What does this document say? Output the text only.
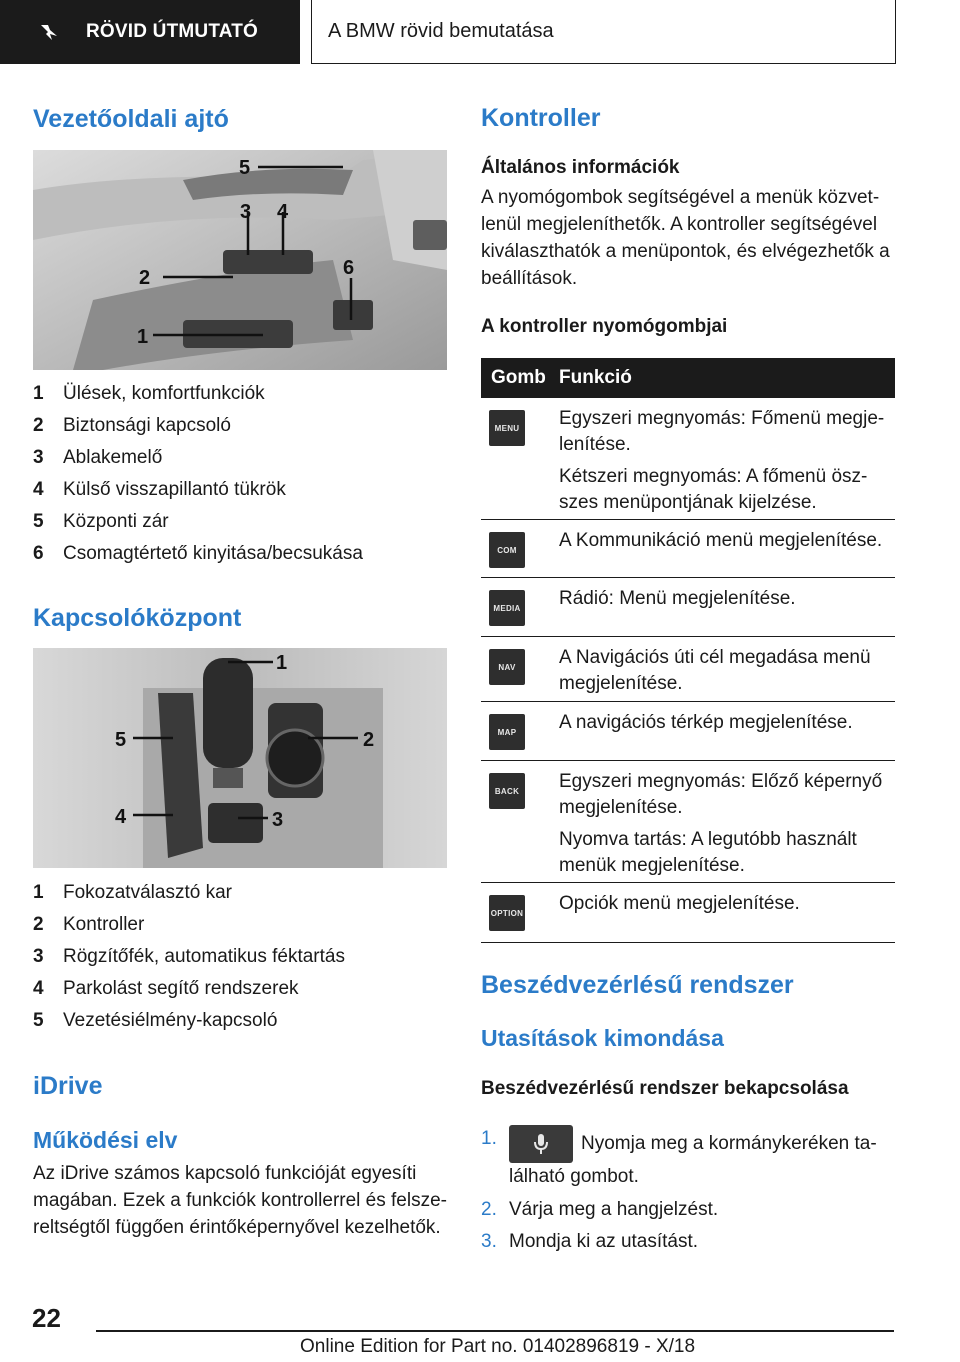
RÖVID ÚTMUTATÓ	A BMW rövid bemutatása
Vezetőoldali ajtó
5
3 4
2	6
1
1	Ülések, komfortfunkciók
2	Biztonsági kapcsoló
3	Ablakemelő
4	Külső visszapillantó tükrök
5	Központi zár
6	Csomagtértető kinyitása/becsukása
Kapcsolóközpont
1
5	2
4	3
1	Fokozatválasztó kar
2	Kontroller
3	Rögzítőfék, automatikus féktartás
4	Parkolást segítő rendszerek
5	Vezetésiélmény-kapcsoló
iDrive
Működési elv
Az iDrive számos kapcsoló funkcióját egyesíti magában. Ezek a funkciók kontrollerrel és felszereltségtől függően érintőképernyővel kezelhetők.
Kontroller
Általános információk
A nyomógombok segítségével a menük közvetlenül megjeleníthetők. A kontroller segítségével kiválaszthatók a menüpontok, és elvégezhetők a beállítások.
A kontroller nyomógombjai
Gomb Funkció
MENU Egyszeri megnyomás: Főmenü megjelenítése.
Kétszeri megnyomás: A főmenü öszszes menüpontjának kijelzése.
COM	A Kommunikáció menü megjelenítése.
MEDIA Rádió: Menü megjelenítése.
NAV	A Navigációs úti cél megadása menü megjelenítése.
MAP	A navigációs térkép megjelenítése.
BACK	Egyszeri megnyomás: Előző képernyő megjelenítése.
Nyomva tartás: A legutóbb használt menük megjelenítése.
OPTION Opciók menü megjelenítése.
Beszédvezérlésű rendszer
Utasítások kimondása
Beszédvezérlésű rendszer bekapcsolása
1.	Nyomja meg a kormánykeréken található gombot.
2. Várja meg a hangjelzést.
3. Mondja ki az utasítást.
22
Online Edition for Part no. 01402896819 - X/18
